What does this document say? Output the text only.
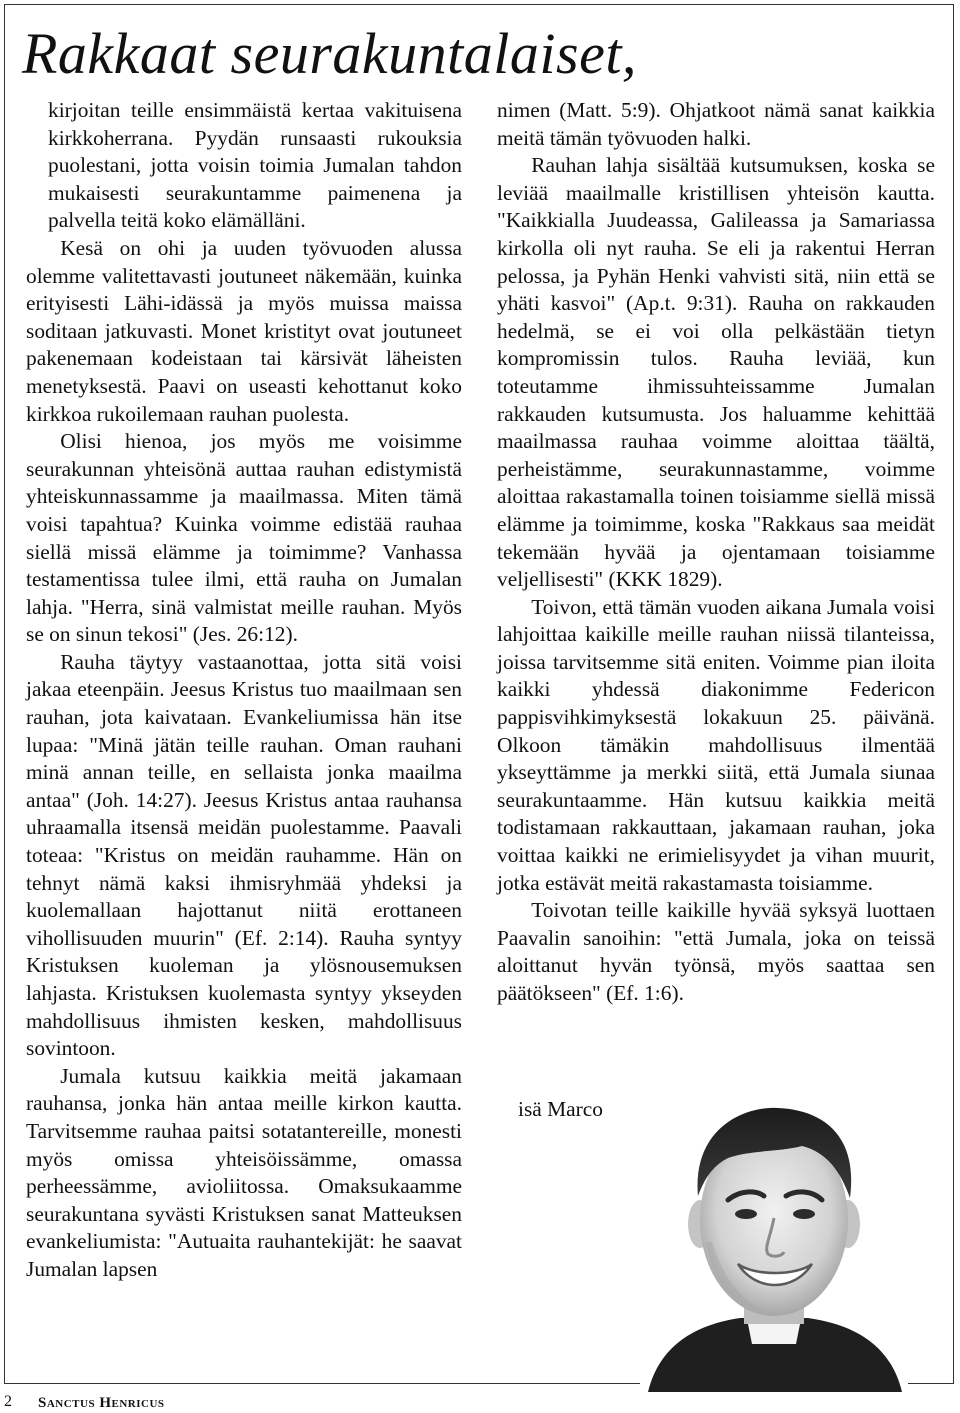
Rakkaat seurakuntalaiset,

kirjoitan teille ensimmäistä kertaa vakituisena kirkkoherrana. Pyydän runsaasti rukouksia puolestani, jotta voisin toimia Jumalan tahdon mukaisesti seurakuntamme paimenena ja palvella teitä koko elämälläni.

Kesä on ohi ja uuden työvuoden alussa olemme valitettavasti joutuneet näkemään, kuinka erityisesti Lähi-idässä ja myös muissa maissa soditaan jatkuvasti. Monet kristityt ovat joutuneet pakenemaan kodeistaan tai kärsivät läheisten menetyksestä. Paavi on useasti kehottanut koko kirkkoa rukoilemaan rauhan puolesta.

Olisi hienoa, jos myös me voisimme seurakunnan yhteisönä auttaa rauhan edistymistä yhteiskunnassamme ja maailmassa. Miten tämä voisi tapahtua? Kuinka voimme edistää rauhaa siellä missä elämme ja toimimme? Vanhassa testamentissa tulee ilmi, että rauha on Jumalan lahja. "Herra, sinä valmistat meille rauhan. Myös se on sinun tekosi" (Jes. 26:12).

Rauha täytyy vastaanottaa, jotta sitä voisi jakaa eteenpäin. Jeesus Kristus tuo maailmaan sen rauhan, jota kaivataan. Evankeliumissa hän itse lupaa: "Minä jätän teille rauhan. Oman rauhani minä annan teille, en sellaista jonka maailma antaa" (Joh. 14:27). Jeesus Kristus antaa rauhansa uhraamalla itsensä meidän puolestamme. Paavali toteaa: "Kristus on meidän rauhamme. Hän on tehnyt nämä kaksi ihmisryhmää yhdeksi ja kuolemallaan hajottanut niitä erottaneen vihollisuuden muurin" (Ef. 2:14). Rauha syntyy Kristuksen kuoleman ja ylösnousemuksen lahjasta. Kristuksen kuolemasta syntyy ykseyden mahdollisuus ihmisten kesken, mahdollisuus sovintoon.

Jumala kutsuu kaikkia meitä jakamaan rauhansa, jonka hän antaa meille kirkon kautta. Tarvitsemme rauhaa paitsi sotatantereille, monesti myös omissa yhteisöissämme, omassa perheessämme, avioliitossa. Omaksukaamme seurakuntana syvästi Kristuksen sanat Matteuksen evankeliumista: "Autuaita rauhantekijät: he saavat Jumalan lapsen

nimen (Matt. 5:9). Ohjatkoot nämä sanat kaikkia meitä tämän työvuoden halki.

Rauhan lahja sisältää kutsumuksen, koska se leviää maailmalle kristillisen yhteisön kautta. "Kaikkialla Juudeassa, Galileassa ja Samariassa kirkolla oli nyt rauha. Se eli ja rakentui Herran pelossa, ja Pyhän Henki vahvisti sitä, niin että se yhäti kasvoi" (Ap.t. 9:31). Rauha on rakkauden hedelmä, se ei voi olla pelkästään tietyn kompromissin tulos. Rauha leviää, kun toteutamme ihmissuhteissamme Jumalan rakkauden kutsumusta. Jos haluamme kehittää maailmassa rauhaa voimme aloittaa täältä, perheistämme, seurakunnastamme, voimme aloittaa rakastamalla toinen toisiamme siellä missä elämme ja toimimme, koska "Rakkaus saa meidät tekemään hyvää ja ojentamaan toisiamme veljellisesti" (KKK 1829).

Toivon, että tämän vuoden aikana Jumala voisi lahjoittaa kaikille meille rauhan niissä tilanteissa, joissa tarvitsemme sitä eniten. Voimme pian iloita kaikki yhdessä diakonimme Federicon pappisvihkimyksestä lokakuun 25. päivänä. Olkoon tämäkin mahdollisuus ilmentää ykseyttämme ja merkki siitä, että Jumala siunaa seurakuntaamme. Hän kutsuu kaikkia meitä todistamaan rakkauttaan, jakamaan rauhan, joka voittaa kaikki ne erimielisyydet ja vihan muurit, jotka estävät meitä rakastamasta toisiamme.

Toivotan teille kaikille hyvää syksyä luottaen Paavalin sanoihin: "että Jumala, joka on teissä aloittanut hyvän työnsä, myös saattaa sen päätökseen" (Ef. 1:6).

isä Marco
2 Sanctus Henricus
